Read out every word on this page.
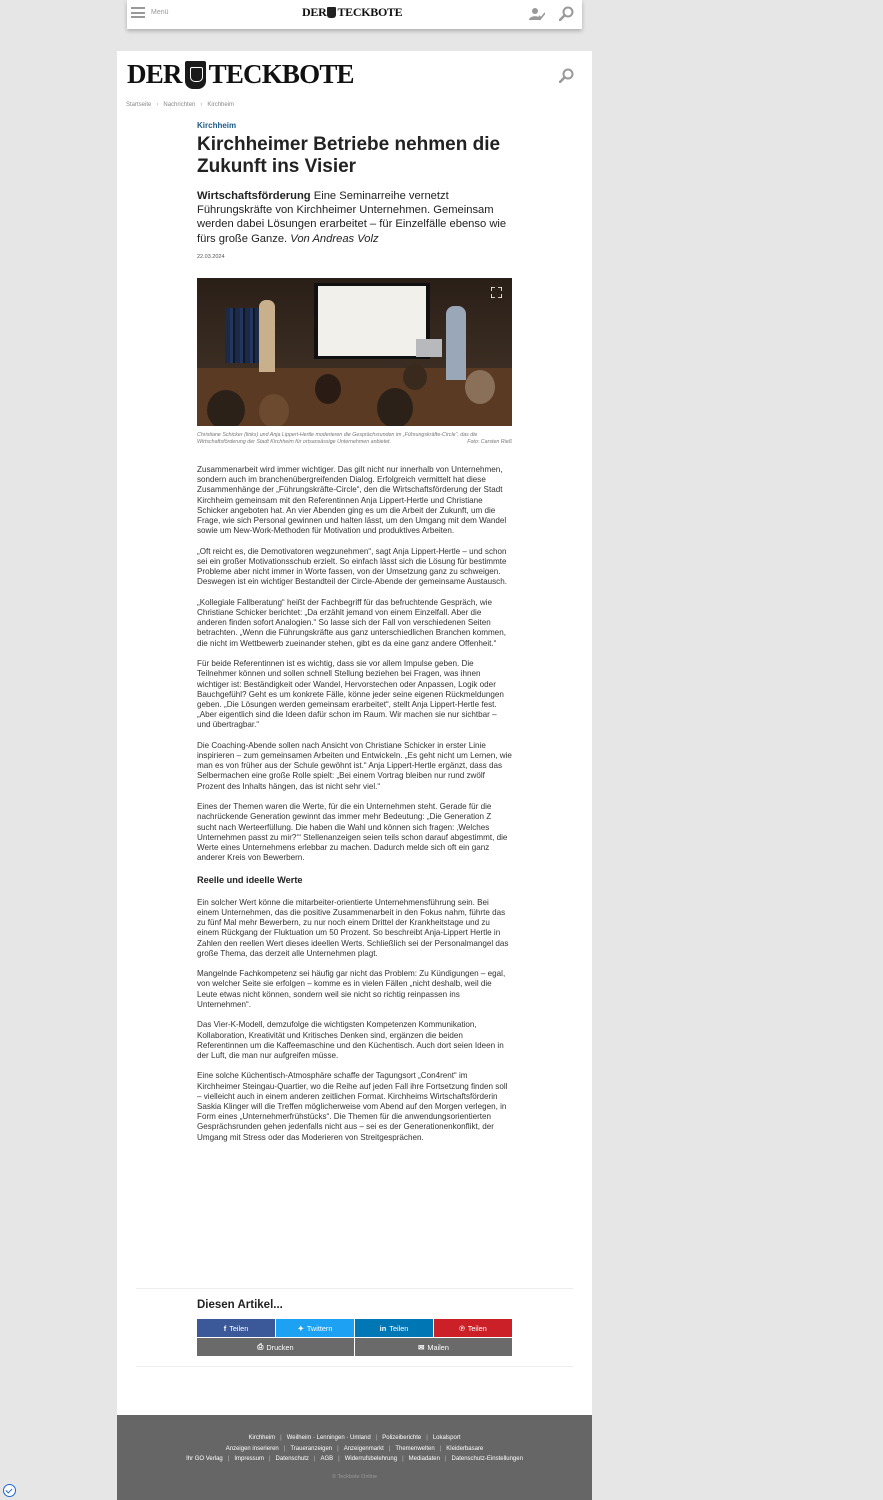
Menü	DER TECKBOTE
DER TECKBOTE
Startseite › Nachrichten › Kirchheim
Kirchheim
Kirchheimer Betriebe nehmen die Zukunft ins Visier

Wirtschaftsförderung Eine Seminarreihe vernetzt Führungskräfte von Kirchheimer Unternehmen. Gemeinsam werden dabei Lösungen erarbeitet – für Einzelfälle ebenso wie fürs große Ganze. Von Andreas Volz

22.03.2024
Christiane Schicker (links) und Anja Lippert-Hertle moderieren die Gesprächsrunden im „Führungskräfte-Circle“, das die Wirtschaftsförderung der Stadt Kirchheim für ortsansässige Unternehmen anbietet.	Foto: Carsten Rieß

Zusammenarbeit wird immer wichtiger. Das gilt nicht nur innerhalb von Unternehmen, sondern auch im branchenübergreifenden Dialog. Erfolgreich vermittelt hat diese Zusammenhänge der „Führungskräfte-Circle“, den die Wirtschaftsförderung der Stadt Kirchheim gemeinsam mit den Referentinnen Anja Lippert-Hertle und Christiane Schicker angeboten hat. An vier Abenden ging es um die Arbeit der Zukunft, um die Frage, wie sich Personal gewinnen und halten lässt, um den Umgang mit dem Wandel sowie um New-Work-Methoden für Motivation und produktives Arbeiten.

„Oft reicht es, die Demotivatoren wegzunehmen“, sagt Anja Lippert-Hertle – und schon sei ein großer Motivationsschub erzielt. So einfach lässt sich die Lösung für bestimmte Probleme aber nicht immer in Worte fassen, von der Umsetzung ganz zu schweigen. Deswegen ist ein wichtiger Bestandteil der Circle-Abende der gemeinsame Austausch.

„Kollegiale Fallberatung“ heißt der Fachbegriff für das befruchtende Gespräch, wie Christiane Schicker berichtet: „Da erzählt jemand von einem Einzelfall. Aber die anderen finden sofort Analogien.“ So lasse sich der Fall von verschiedenen Seiten betrachten. „Wenn die Führungskräfte aus ganz unterschiedlichen Branchen kommen, die nicht im Wettbewerb zueinander stehen, gibt es da eine ganz andere Offenheit.“

Für beide Referentinnen ist es wichtig, dass sie vor allem Impulse geben. Die Teilnehmer können und sollen schnell Stellung beziehen bei Fragen, was ihnen wichtiger ist: Beständigkeit oder Wandel, Hervorstechen oder Anpassen, Logik oder Bauchgefühl? Geht es um konkrete Fälle, könne jeder seine eigenen Rückmeldungen geben. „Die Lösungen werden gemeinsam erarbeitet“, stellt Anja Lippert-Hertle fest. „Aber eigentlich sind die Ideen dafür schon im Raum. Wir machen sie nur sichtbar – und übertragbar.“

Die Coaching-Abende sollen nach Ansicht von Christiane Schicker in erster Linie inspirieren – zum gemeinsamen Arbeiten und Entwickeln. „Es geht nicht um Lernen, wie man es von früher aus der Schule gewöhnt ist.“ Anja Lippert-Hertle ergänzt, dass das Selbermachen eine große Rolle spielt: „Bei einem Vortrag bleiben nur rund zwölf Prozent des Inhalts hängen, das ist nicht sehr viel.“

Eines der Themen waren die Werte, für die ein Unternehmen steht. Gerade für die nachrückende Generation gewinnt das immer mehr Bedeutung: „Die Generation Z sucht nach Werteerfüllung. Die haben die Wahl und können sich fragen: ‚Welches Unternehmen passt zu mir?‘“ Stellenanzeigen seien teils schon darauf abgestimmt, die Werte eines Unternehmens erlebbar zu machen. Dadurch melde sich oft ein ganz anderer Kreis von Bewerbern.

Reelle und ideelle Werte

Ein solcher Wert könne die mitarbeiter-orientierte Unternehmensführung sein. Bei einem Unternehmen, das die positive Zusammenarbeit in den Fokus nahm, führte das zu fünf Mal mehr Bewerbern, zu nur noch einem Drittel der Krankheitstage und zu einem Rückgang der Fluktuation um 50 Prozent. So beschreibt Anja-Lippert Hertle in Zahlen den reellen Wert dieses ideellen Werts. Schließlich sei der Personalmangel das große Thema, das derzeit alle Unternehmen plagt.

Mangelnde Fachkompetenz sei häufig gar nicht das Problem: Zu Kündigungen – egal, von welcher Seite sie erfolgen – komme es in vielen Fällen „nicht deshalb, weil die Leute etwas nicht können, sondern weil sie nicht so richtig reinpassen ins Unternehmen“.

Das Vier-K-Modell, demzufolge die wichtigsten Kompetenzen Kommunikation, Kollaboration, Kreativität und Kritisches Denken sind, ergänzen die beiden Referentinnen um die Kaffeemaschine und den Küchentisch. Auch dort seien Ideen in der Luft, die man nur aufgreifen müsse.

Eine solche Küchentisch-Atmosphäre schaffe der Tagungsort „Con4rent“ im Kirchheimer Steingau-Quartier, wo die Reihe auf jeden Fall ihre Fortsetzung finden soll – vielleicht auch in einem anderen zeitlichen Format. Kirchheims Wirtschaftsförderin Saskia Klinger will die Treffen möglicherweise vom Abend auf den Morgen verlegen, in Form eines „Unternehmerfrühstücks“. Die Themen für die anwendungsorientierten Gesprächsrunden gehen jedenfalls nicht aus – sei es der Generationenkonflikt, der Umgang mit Stress oder das Moderieren von Streitgesprächen.

Diesen Artikel...
f Teilen	✦ Twittern	in Teilen	℗ Teilen
⎙ Drucken	✉ Mailen
Kirchheim | Weilheim · Lenningen · Umland | Polizeiberichte | Lokalsport
Anzeigen inserieren | Traueranzeigen | Anzeigenmarkt | Themenwelten | Kleiderbasare
Ihr GO Verlag | Impressum | Datenschutz | AGB | Widerrufsbelehrung | Mediadaten | Datenschutz-Einstellungen
© Teckbote Online
